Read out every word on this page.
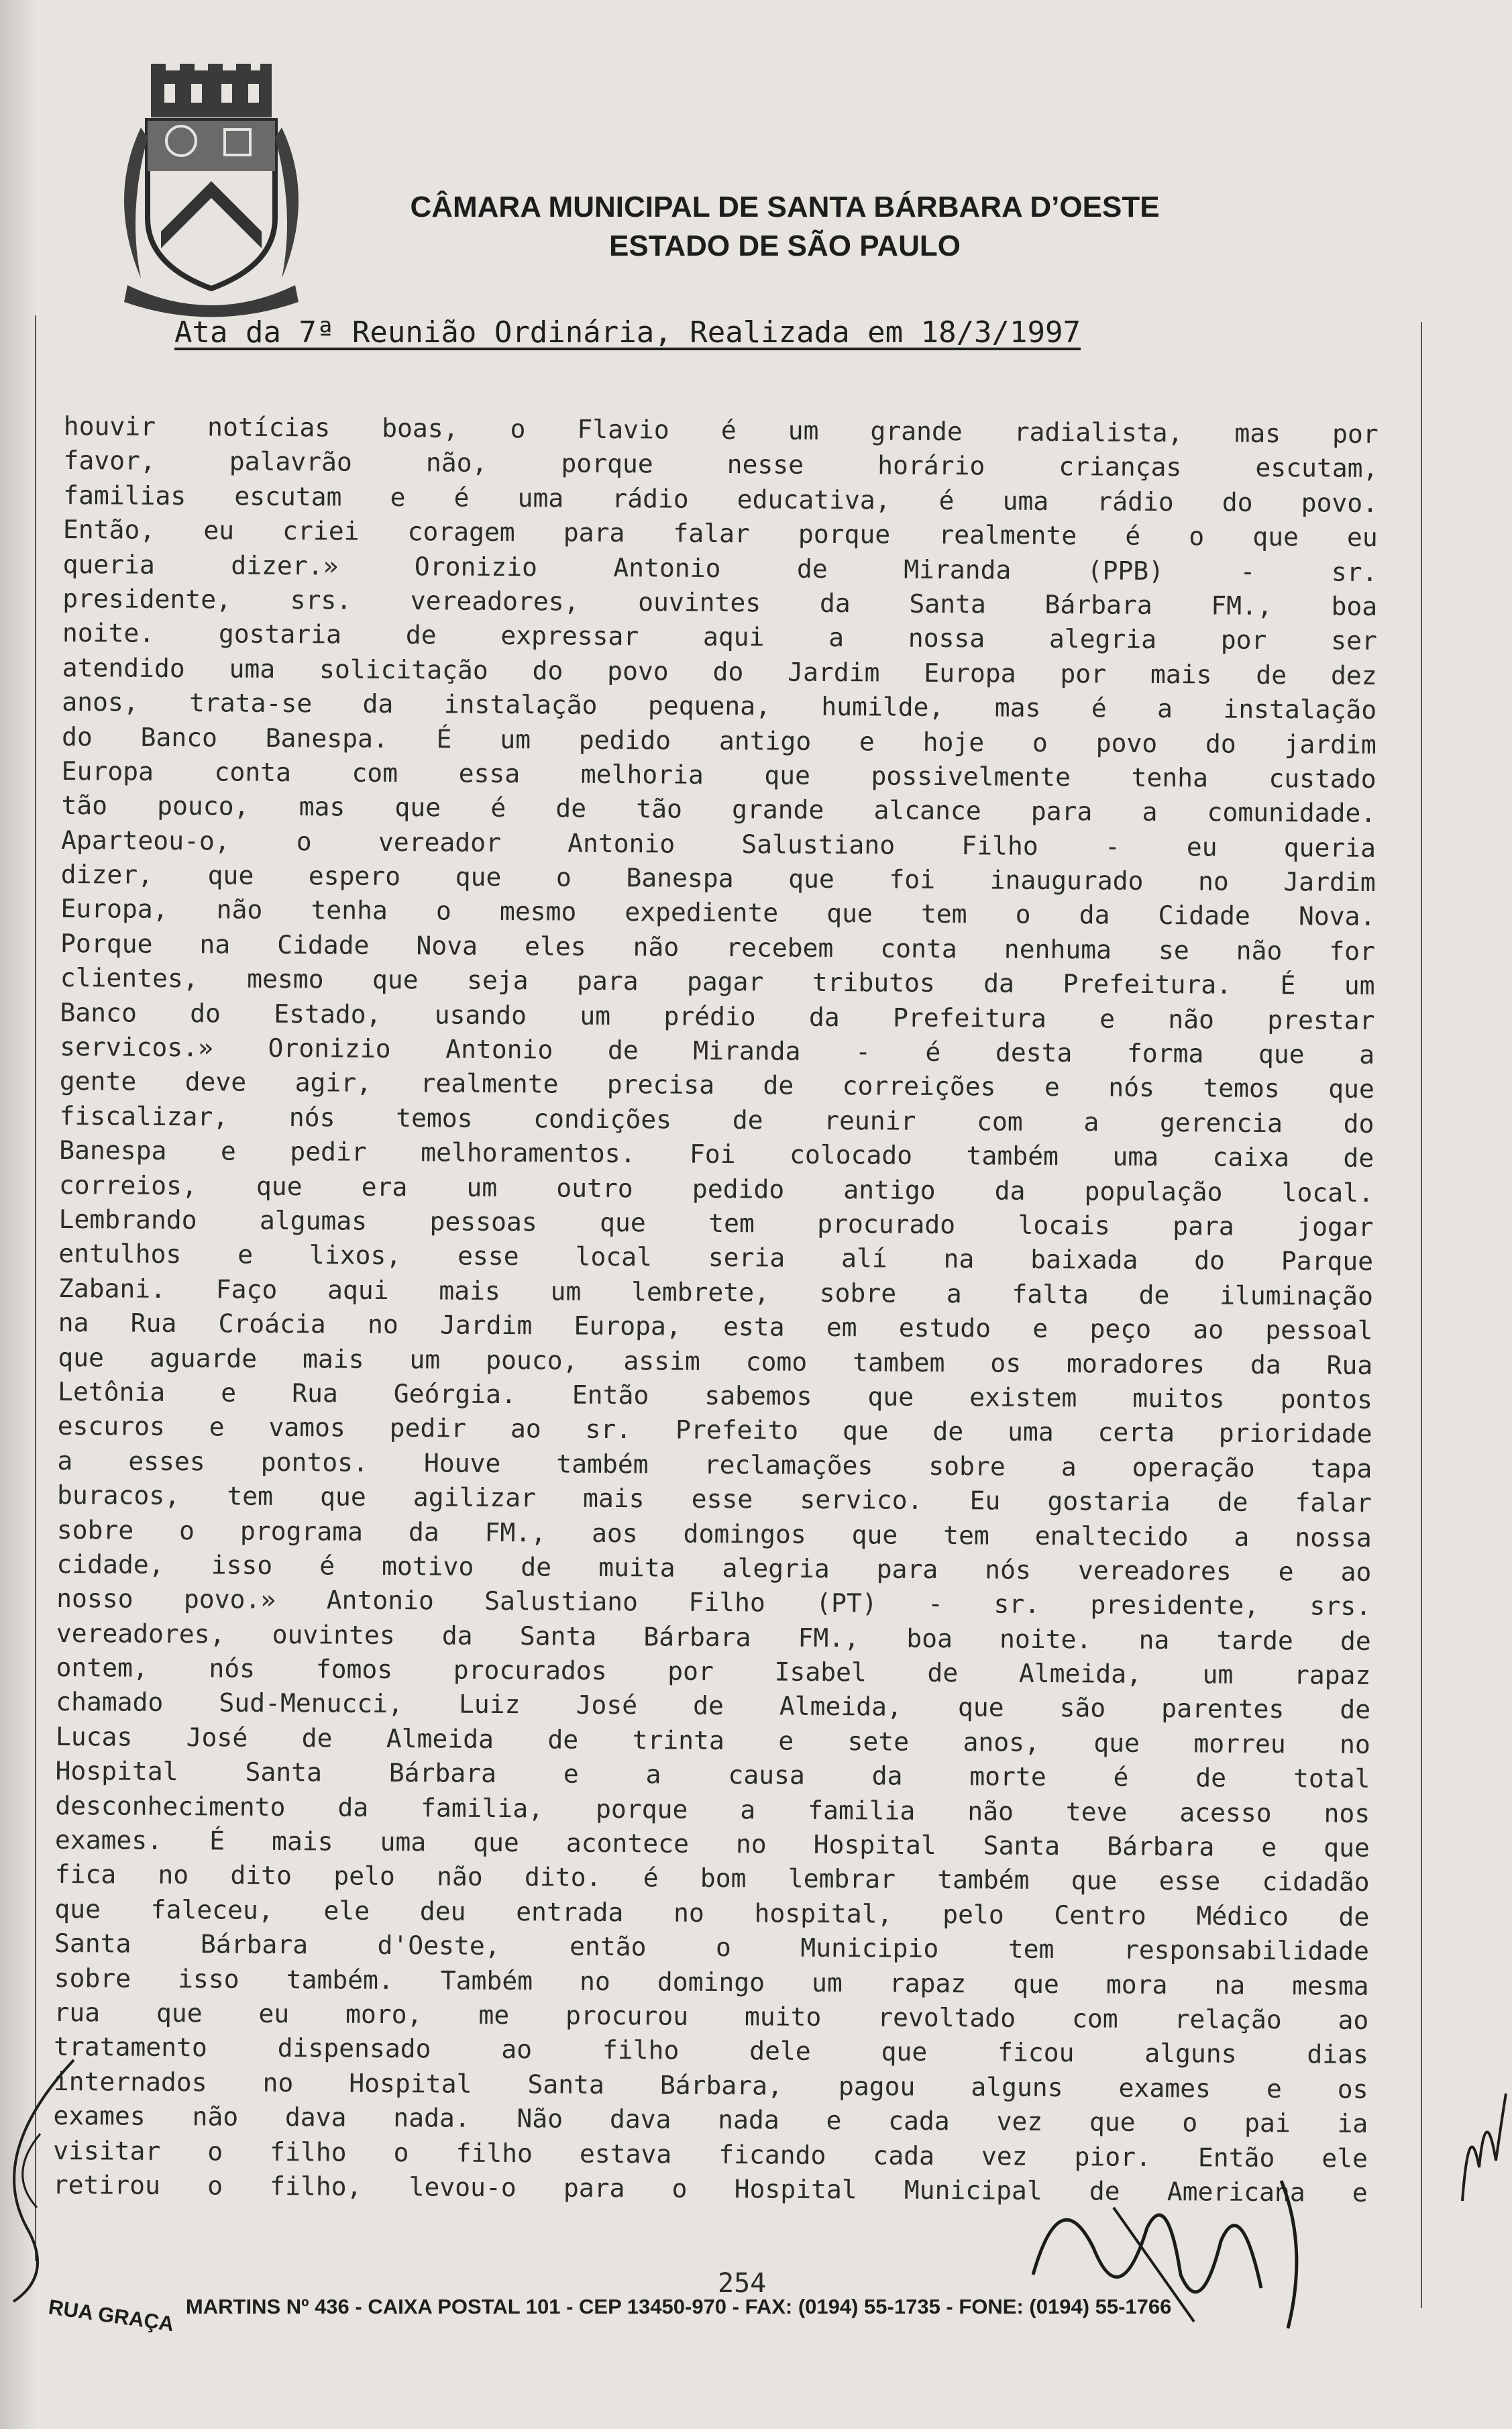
CÂMARA MUNICIPAL DE SANTA BÁRBARA D’OESTE
ESTADO DE SÃO PAULO
Ata da 7ª Reunião Ordinária, Realizada em 18/3/1997
houvir notícias boas, o Flavio é um grande radialista, mas por
favor,	palavrão	não,	porque	nesse	horário	crianças	escutam,
familias escutam e é uma rádio educativa, é uma rádio do povo.
Então, eu criei coragem para falar porque realmente é o que eu
queria	dizer.»	Oronizio	Antonio	de	Miranda	(PPB)	-	sr.
presidente, srs. vereadores, ouvintes da Santa Bárbara FM., boa
noite.	gostaria	de	expressar	aqui	a	nossa	alegria	por	ser
atendido uma solicitação do povo do Jardim Europa por mais de dez
anos, trata-se da instalação pequena, humilde, mas é a instalação
do Banco Banespa. É um pedido antigo e hoje o povo do jardim
Europa conta com essa melhoria que possivelmente tenha custado
tão pouco, mas que é de tão grande alcance para a comunidade.
Aparteou-o,	o	vereador	Antonio	Salustiano	Filho	-	eu	queria
dizer, que espero que o Banespa que foi inaugurado no Jardim
Europa, não tenha o mesmo expediente que tem o da Cidade Nova.
Porque na Cidade Nova eles não recebem conta nenhuma se não for
clientes, mesmo que seja para pagar tributos da Prefeitura. É um
Banco do Estado, usando um prédio da Prefeitura e não prestar
servicos.» Oronizio Antonio de Miranda - é desta forma que a
gente deve agir, realmente precisa de correições e nós temos que
fiscalizar, nós temos condições de reunir com a gerencia do
Banespa e pedir melhoramentos. Foi colocado também uma caixa de
correios, que era um outro pedido antigo da população local.
Lembrando algumas pessoas que tem procurado locais para jogar
entulhos e lixos, esse local seria alí na baixada do Parque
Zabani. Faço aqui mais um lembrete, sobre a falta de iluminação
na Rua Croácia no Jardim Europa, esta em estudo e peço ao pessoal
que aguarde mais um pouco, assim como tambem os moradores da Rua
Letônia e Rua Geórgia. Então sabemos que existem muitos pontos
escuros e vamos pedir ao sr. Prefeito que de uma certa prioridade
a esses pontos. Houve também reclamações sobre a operação tapa
buracos, tem que agilizar mais esse servico. Eu gostaria de falar
sobre o programa da FM., aos domingos que tem enaltecido a nossa
cidade, isso é motivo de muita alegria para nós vereadores e ao
nosso povo.» Antonio Salustiano Filho (PT) - sr. presidente, srs.
vereadores, ouvintes da Santa Bárbara FM., boa noite. na tarde de
ontem, nós fomos procurados por Isabel de Almeida, um rapaz
chamado Sud-Menucci, Luiz José de Almeida, que são parentes de
Lucas José de Almeida de trinta e sete anos, que morreu no
Hospital	Santa	Bárbara	e	a	causa	da	morte	é	de	total
desconhecimento da familia, porque a familia não teve acesso nos
exames. É mais uma que acontece no Hospital Santa Bárbara e que
fica no dito pelo não dito. é bom lembrar também que esse cidadão
que faleceu, ele deu entrada no hospital, pelo Centro Médico de
Santa	Bárbara	d'Oeste,	então	o	Municipio	tem	responsabilidade
sobre isso também. Também no domingo um rapaz que mora na mesma
rua que eu moro, me procurou muito revoltado com relação ao
tratamento	dispensado	ao	filho	dele	que	ficou	alguns	dias
internados no Hospital Santa Bárbara, pagou alguns exames e os
exames não dava nada. Não dava nada e cada vez que o pai ia
visitar o filho o filho estava ficando cada vez pior. Então ele
retirou o filho, levou-o para o Hospital Municipal de Americana e
254
RUA GRAÇA MARTINS Nº 436 - CAIXA POSTAL 101 - CEP 13450-970 - FAX: (0194) 55-1735 - FONE: (0194) 55-1766
